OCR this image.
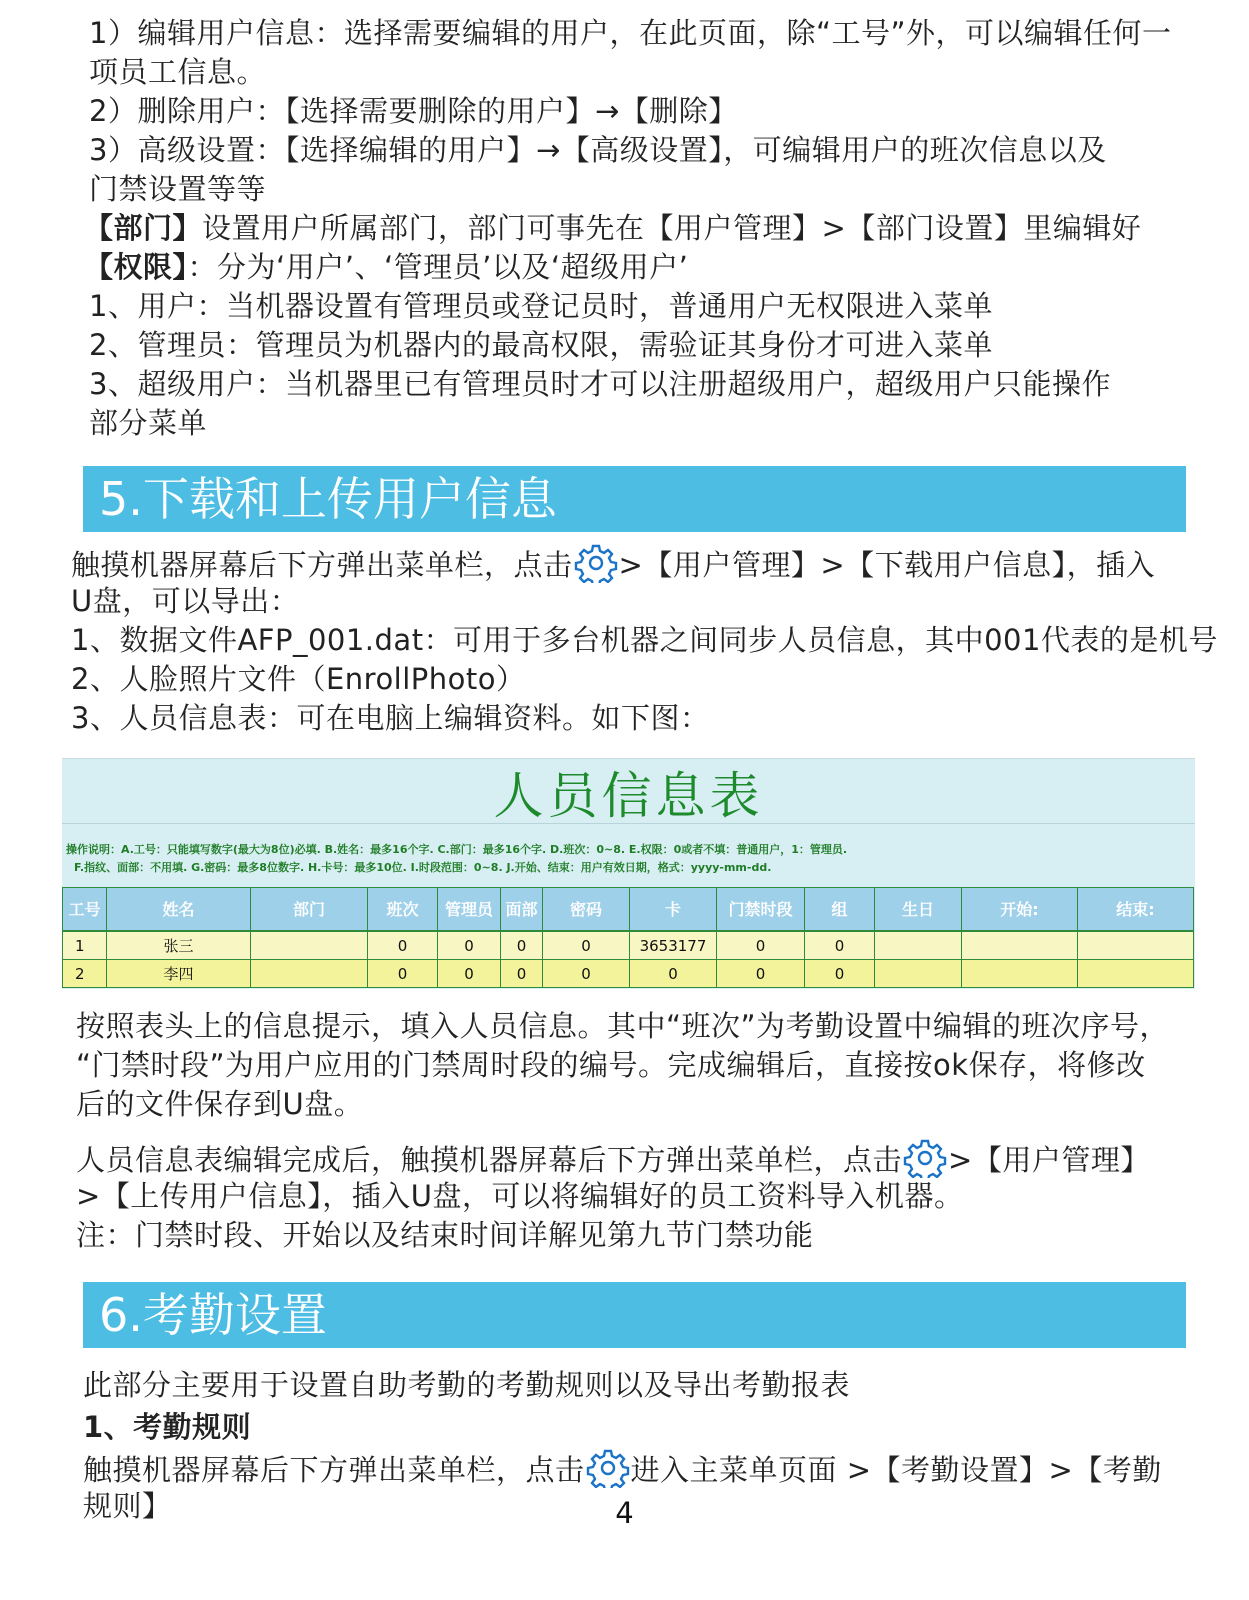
1）编辑用户信息：选择需要编辑的用户，在此页面，除“工号”外，可以编辑任何一
项员工信息。
2）删除用户：【选择需要删除的用户】→【删除】
3）高级设置：【选择编辑的用户】→【高级设置】，可编辑用户的班次信息以及
门禁设置等等
【部门】设置用户所属部门，部门可事先在【用户管理】>【部门设置】里编辑好
【权限】：分为‘用户’、‘管理员’以及‘超级用户’
1、用户：当机器设置有管理员或登记员时，普通用户无权限进入菜单
2、管理员：管理员为机器内的最高权限，需验证其身份才可进入菜单
3、超级用户：当机器里已有管理员时才可以注册超级用户，超级用户只能操作
部分菜单
5.下载和上传用户信息
触摸机器屏幕后下方弹出菜单栏，点击 >【用户管理】>【下载用户信息】，插入
U盘，可以导出：
1、数据文件AFP_001.dat：可用于多台机器之间同步人员信息，其中001代表的是机号
2、人脸照片文件（EnrollPhoto）
3、人员信息表：可在电脑上编辑资料。如下图：
人员信息表
操作说明：A.工号：只能填写数字(最大为8位)必填. B.姓名：最多16个字. C.部门：最多16个字. D.班次：0~8. E.权限：0或者不填：普通用户，1：管理员.
F.指纹、面部：不用填. G.密码：最多8位数字. H.卡号：最多10位. I.时段范围：0~8. J.开始、结束：用户有效日期，格式：yyyy-mm-dd.
工号	姓名	部门	班次	管理员	面部	密码	卡	门禁时段	组	生日	开始:	结束:
1	张三		0	0	0	0	3653177	0	0			
2	李四		0	0	0	0	0	0	0			
按照表头上的信息提示，填入人员信息。其中“班次”为考勤设置中编辑的班次序号，
“门禁时段”为用户应用的门禁周时段的编号。完成编辑后，直接按ok保存，将修改
后的文件保存到U盘。
人员信息表编辑完成后，触摸机器屏幕后下方弹出菜单栏，点击 >【用户管理】
>【上传用户信息】，插入U盘，可以将编辑好的员工资料导入机器。
注：门禁时段、开始以及结束时间详解见第九节门禁功能
6.考勤设置
此部分主要用于设置自助考勤的考勤规则以及导出考勤报表
1、考勤规则
触摸机器屏幕后下方弹出菜单栏，点击 进入主菜单页面 >【考勤设置】>【考勤
规则】	4
